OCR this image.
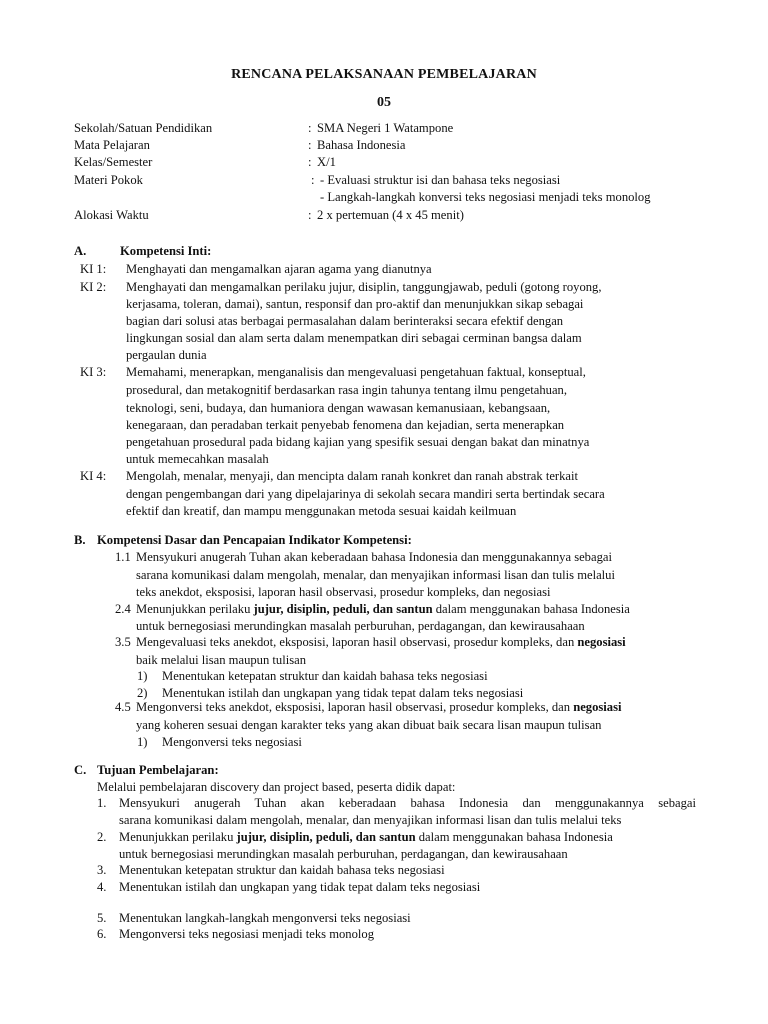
RENCANA PELAKSANAAN PEMBELAJARAN
05
Sekolah/Satuan Pendidikan	: SMA Negeri 1 Watampone
Mata Pelajaran	: Bahasa Indonesia
Kelas/Semester	: X/1
Materi Pokok	: - Evaluasi struktur isi dan bahasa teks negosiasi
- Langkah-langkah konversi teks negosiasi menjadi teks monolog
Alokasi Waktu	: 2 x pertemuan (4 x 45 menit)
A.	Kompetensi Inti:
KI 1: Menghayati dan mengamalkan ajaran agama yang dianutnya
KI 2: Menghayati dan mengamalkan perilaku jujur, disiplin, tanggungjawab, peduli (gotong royong,
kerjasama, toleran, damai), santun, responsif dan pro-aktif dan menunjukkan sikap sebagai
bagian dari solusi atas berbagai permasalahan dalam berinteraksi secara efektif dengan
lingkungan sosial dan alam serta dalam menempatkan diri sebagai cerminan bangsa dalam
pergaulan dunia
KI 3: Memahami, menerapkan, menganalisis dan mengevaluasi pengetahuan faktual, konseptual,
prosedural, dan metakognitif berdasarkan rasa ingin tahunya tentang ilmu pengetahuan,
teknologi, seni, budaya, dan humaniora dengan wawasan kemanusiaan, kebangsaan,
kenegaraan, dan peradaban terkait penyebab fenomena dan kejadian, serta menerapkan
pengetahuan prosedural pada bidang kajian yang spesifik sesuai dengan bakat dan minatnya
untuk memecahkan masalah
KI 4: Mengolah, menalar, menyaji, dan mencipta dalam ranah konkret dan ranah abstrak terkait
dengan pengembangan dari yang dipelajarinya di sekolah secara mandiri serta bertindak secara
efektif dan kreatif, dan mampu menggunakan metoda sesuai kaidah keilmuan
B. Kompetensi Dasar dan Pencapaian Indikator Kompetensi:
1.1 Mensyukuri anugerah Tuhan akan keberadaan bahasa Indonesia dan menggunakannya sebagai
sarana komunikasi dalam mengolah, menalar, dan menyajikan informasi lisan dan tulis melalui
teks anekdot, eksposisi, laporan hasil observasi, prosedur kompleks, dan negosiasi
2.4 Menunjukkan perilaku jujur, disiplin, peduli, dan santun dalam menggunakan bahasa Indonesia
untuk bernegosiasi merundingkan masalah perburuhan, perdagangan, dan kewirausahaan
3.5 Mengevaluasi teks anekdot, eksposisi, laporan hasil observasi, prosedur kompleks, dan negosiasi
baik melalui lisan maupun tulisan
1) Menentukan ketepatan struktur dan kaidah bahasa teks negosiasi
2) Menentukan istilah dan ungkapan yang tidak tepat dalam teks negosiasi
4.5 Mengonversi teks anekdot, eksposisi, laporan hasil observasi, prosedur kompleks, dan negosiasi
yang koheren sesuai dengan karakter teks yang akan dibuat baik secara lisan maupun tulisan
1) Mengonversi teks negosiasi
C. Tujuan Pembelajaran:
Melalui pembelajaran discovery dan project based, peserta didik dapat:
1. Mensyukuri anugerah Tuhan akan keberadaan bahasa Indonesia dan menggunakannya sebagai
sarana komunikasi dalam mengolah, menalar, dan menyajikan informasi lisan dan tulis melalui teks
2. Menunjukkan perilaku jujur, disiplin, peduli, dan santun dalam menggunakan bahasa Indonesia
untuk bernegosiasi merundingkan masalah perburuhan, perdagangan, dan kewirausahaan
3. Menentukan ketepatan struktur dan kaidah bahasa teks negosiasi
4. Menentukan istilah dan ungkapan yang tidak tepat dalam teks negosiasi
5. Menentukan langkah-langkah mengonversi teks negosiasi
6. Mengonversi teks negosiasi menjadi teks monolog
